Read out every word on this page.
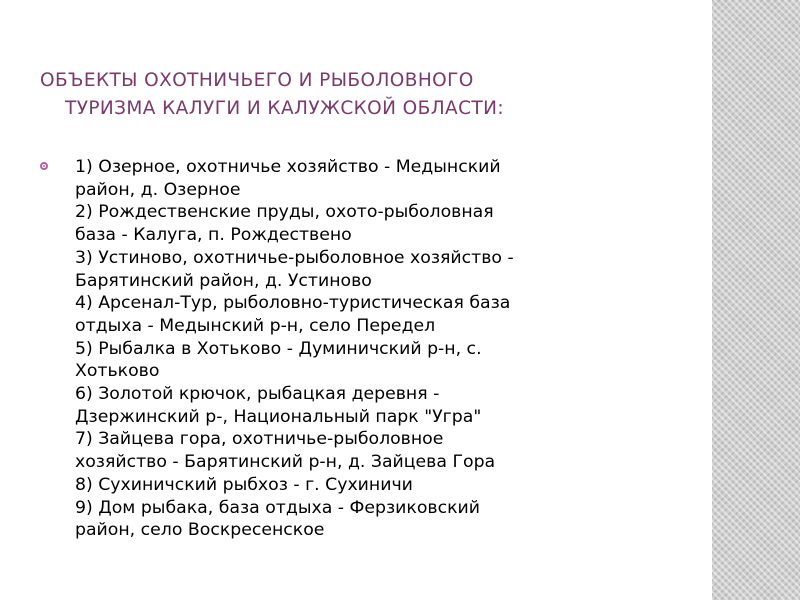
ОБЪЕКТЫ ОХОТНИЧЬЕГО И РЫБОЛОВНОГО
ТУРИЗМА КАЛУГИ И КАЛУЖСКОЙ ОБЛАСТИ:
1) Озерное, охотничье хозяйство - Медынский
район, д. Озерное
2) Рождественские пруды, охото-рыболовная
база - Калуга, п. Рождествено
3) Устиново, охотничье-рыболовное хозяйство -
Барятинский район, д. Устиново
4) Арсенал-Тур, рыболовно-туристическая база
отдыха - Медынский р-н, село Передел
5) Рыбалка в Хотьково - Думиничский р-н, с.
Хотьково
6) Золотой крючок, рыбацкая деревня -
Дзержинский р-, Национальный парк "Угра"
7) Зайцева гора, охотничье-рыболовное
хозяйство - Барятинский р-н, д. Зайцева Гора
8) Сухиничский рыбхоз - г. Сухиничи
9) Дом рыбака, база отдыха - Ферзиковский
район, село Воскресенское
